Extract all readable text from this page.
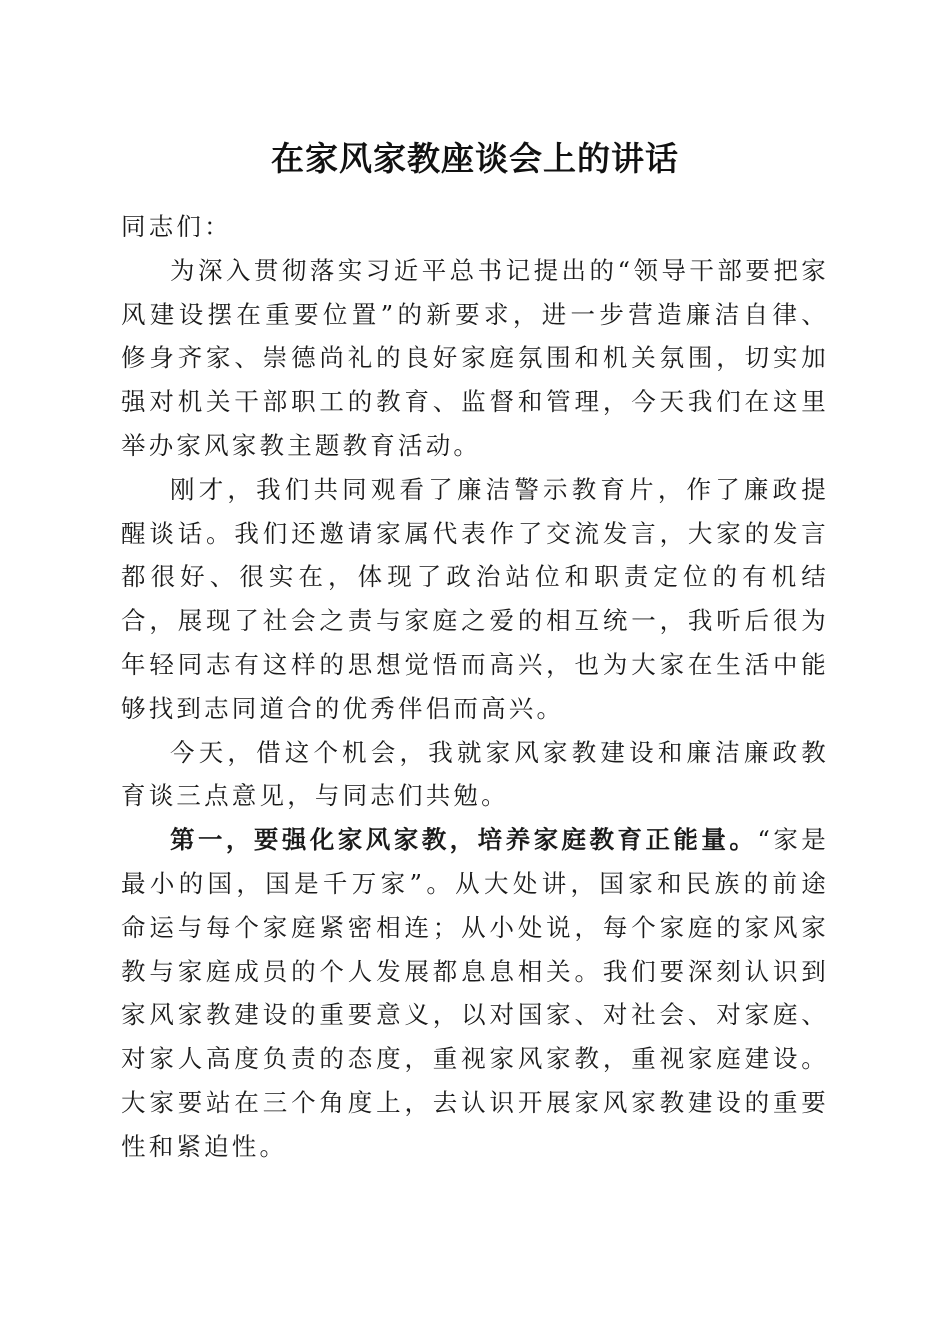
在家风家教座谈会上的讲话

同志们：

为深入贯彻落实习近平总书记提出的“领导干部要把家风建设摆在重要位置”的新要求，进一步营造廉洁自律、修身齐家、崇德尚礼的良好家庭氛围和机关氛围，切实加强对机关干部职工的教育、监督和管理，今天我们在这里举办家风家教主题教育活动。

刚才，我们共同观看了廉洁警示教育片，作了廉政提醒谈话。我们还邀请家属代表作了交流发言，大家的发言都很好、很实在，体现了政治站位和职责定位的有机结合，展现了社会之责与家庭之爱的相互统一，我听后很为年轻同志有这样的思想觉悟而高兴，也为大家在生活中能够找到志同道合的优秀伴侣而高兴。

今天，借这个机会，我就家风家教建设和廉洁廉政教育谈三点意见，与同志们共勉。

第一，要强化家风家教，培养家庭教育正能量。“家是最小的国，国是千万家”。从大处讲，国家和民族的前途命运与每个家庭紧密相连；从小处说，每个家庭的家风家教与家庭成员的个人发展都息息相关。我们要深刻认识到家风家教建设的重要意义，以对国家、对社会、对家庭、对家人高度负责的态度，重视家风家教，重视家庭建设。大家要站在三个角度上，去认识开展家风家教建设的重要性和紧迫性。
